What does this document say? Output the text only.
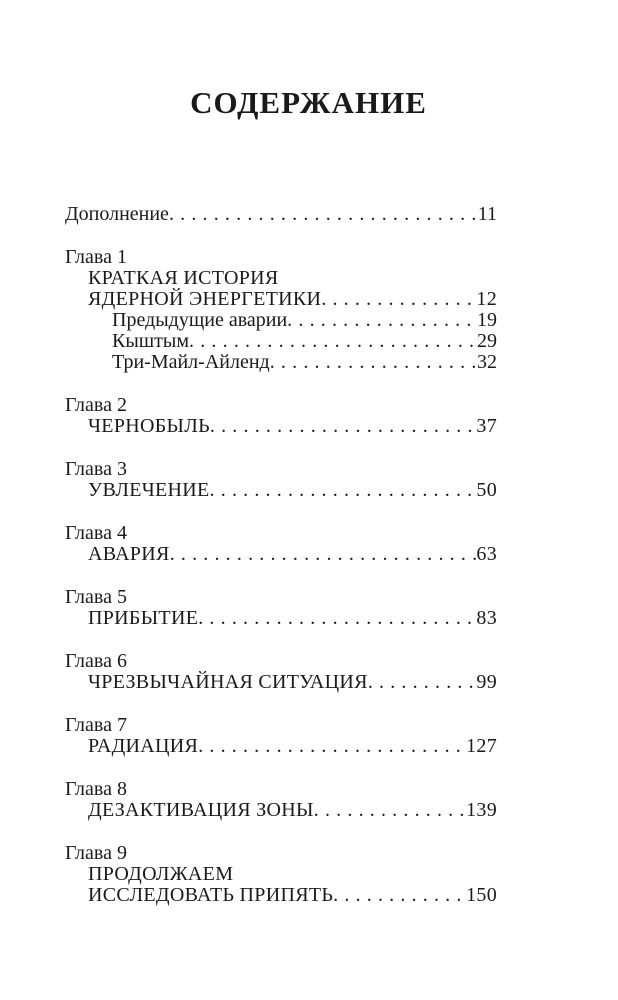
СОДЕРЖАНИЕ
Дополнение . . .	11
Глава 1
КРАТКАЯ ИСТОРИЯ
ЯДЕРНОЙ ЭНЕРГЕТИКИ . . .	12
Предыдущие аварии . . .	19
Кыштым . . .	29
Три-Майл-Айленд . . .	32
Глава 2
ЧЕРНОБЫЛЬ . . .	37
Глава 3
УВЛЕЧЕНИЕ . . .	50
Глава 4
АВАРИЯ . . .	63
Глава 5
ПРИБЫТИЕ . . .	83
Глава 6
ЧРЕЗВЫЧАЙНАЯ СИТУАЦИЯ . . .	99
Глава 7
РАДИАЦИЯ . . .	127
Глава 8
ДЕЗАКТИВАЦИЯ ЗОНЫ . . .	139
Глава 9
ПРОДОЛЖАЕМ
ИССЛЕДОВАТЬ ПРИПЯТЬ . . .	150
